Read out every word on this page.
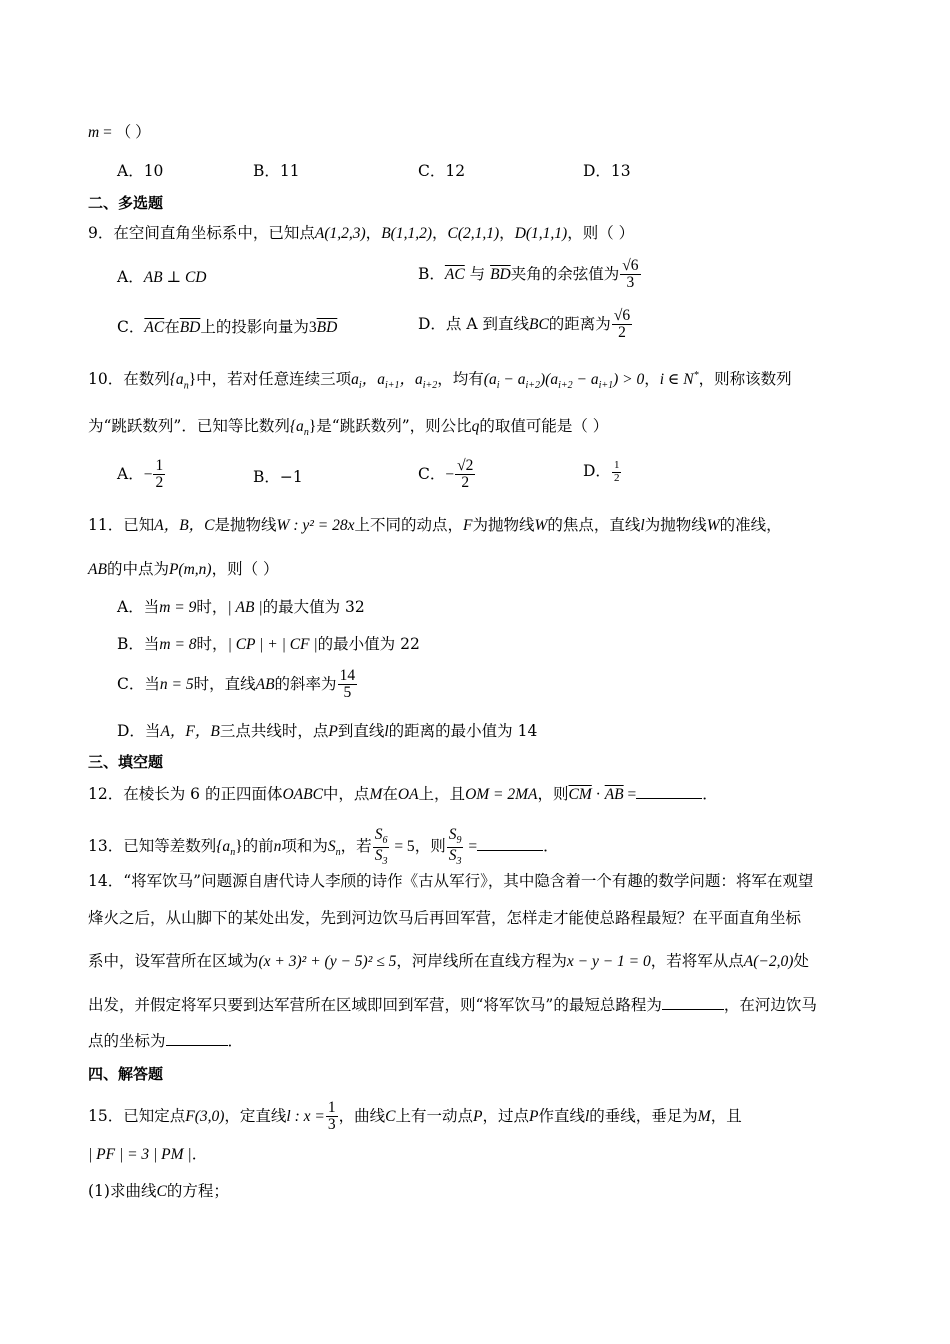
m = （ ）
A．10	B．11	C．12	D．13
二、多选题
9．在空间直角坐标系中，已知点A(1,2,3)，B(1,1,2)，C(2,1,1)，D(1,1,1)，则（ ）
A．AB ⊥ CD	B．$\overline{AC}$ 与 $\overline{BD}$夹角的余弦值为 $\frac{√6}{3}$
C．$\overline{AC}$在$\overline{BD}$上的投影向量为$3\overline{BD}$	D．点 A 到直线BC的距离为 $\frac{√6}{2}$
10．在数列$\{a_n\}$中，若对任意连续三项$a_i$，$a_{i+1}$，$a_{i+2}$，均有$(a_i - a_{i+2})(a_{i+2} - a_{i+1}) > 0$，i ∈ N*，则称该数列
为“跳跃数列”．已知等比数列$\{a_n\}$是“跳跃数列”，则公比q的取值可能是（ ）
A．− $\frac{1}{2}$	B．−1	C．− $\frac{√2}{2}$	D． $\frac{1}{2}$
11．已知A，B，C是抛物线W : y² = 28x上不同的动点，F为抛物线W的焦点，直线l为抛物线W的准线，
AB的中点为P(m,n)，则（ ）
A．当m = 9时，| AB |的最大值为 32
B．当m = 8时，| CP | + | CF |的最小值为 22
C．当n = 5时，直线AB的斜率为 $\frac{14}{5}$
D．当A，F，B三点共线时，点P到直线l的距离的最小值为 14
三、填空题
12．在棱长为 6 的正四面体OABC中，点M在OA上，且OM = 2MA，则$\overline{CM} \cdot \overline{AB}$ =	．
13．已知等差数列$\{a_n\}$的前n项和为$S_n$，若 $\frac{S_6}{S_3} = 5$，则 $\frac{S_9}{S_3}$ =	．
14．“将军饮马”问题源自唐代诗人李颀的诗作《古从军行》，其中隐含着一个有趣的数学问题：将军在观望
烽火之后，从山脚下的某处出发，先到河边饮马后再回军营，怎样走才能使总路程最短？在平面直角坐标
系中，设军营所在区域为(x + 3)² + (y − 5)² ≤ 5，河岸线所在直线方程为x − y − 1 = 0，若将军从点A(−2,0)处
出发，并假定将军只要到达军营所在区域即回到军营，则“将军饮马”的最短总路程为	，在河边饮马
点的坐标为	．
四、解答题
15．已知定点F(3,0)，定直线l : $x = \frac{1}{3}$ ，曲线C上有一动点P，过点P作直线l的垂线，垂足为M，且
| PF | = 3 | PM |．
(1)求曲线C的方程；
